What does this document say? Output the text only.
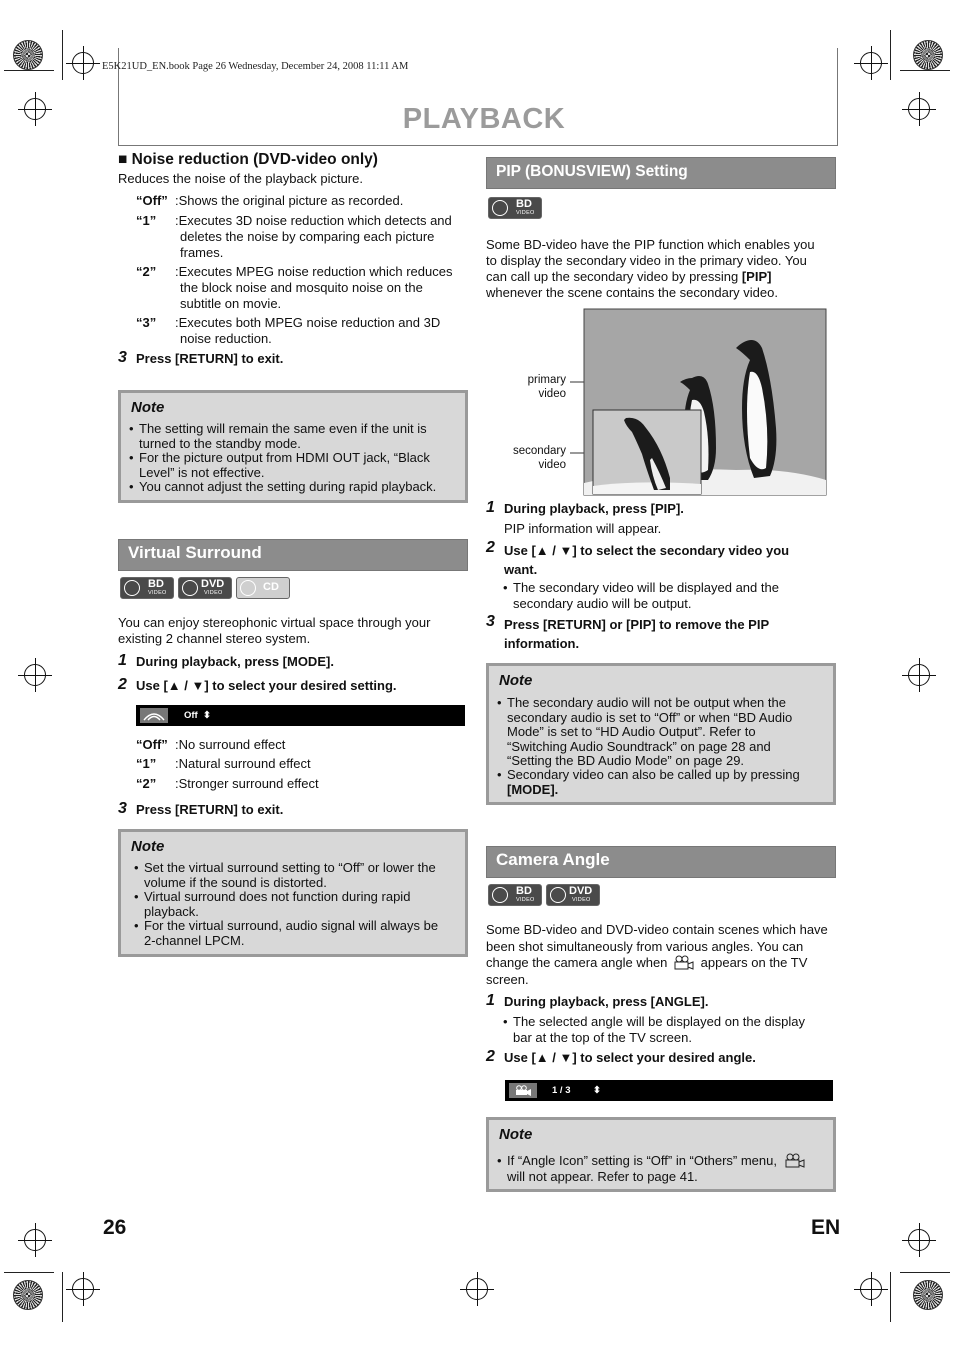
E5K21UD_EN.book Page 26 Wednesday, December 24, 2008 11:11 AM
PLAYBACK
■ Noise reduction (DVD-video only)
Reduces the noise of the playback picture.
“Off” :Shows the original picture as recorded.
“1” :Executes 3D noise reduction which detects and
deletes the noise by comparing each picture
frames.
“2” :Executes MPEG noise reduction which reduces
the block noise and mosquito noise on the
subtitle on movie.
“3” :Executes both MPEG noise reduction and 3D
noise reduction.
3 Press [RETURN] to exit.
Note
• The setting will remain the same even if the unit is
turned to the standby mode.
• For the picture output from HDMI OUT jack, “Black
Level” is not effective.
• You cannot adjust the setting during rapid playback.
Virtual Surround
BD
VIDEO
DVD
VIDEO	CD
You can enjoy stereophonic virtual space through your
existing 2 channel stereo system.
1 During playback, press [MODE].
2 Use [▲ / ▼] to select your desired setting.
Off ⬍
“Off” :No surround effect
“1” :Natural surround effect
“2” :Stronger surround effect
3 Press [RETURN] to exit.
Note
• Set the virtual surround setting to “Off” or lower the
volume if the sound is distorted.
• Virtual surround does not function during rapid
playback.
• For the virtual surround, audio signal will always be
2-channel LPCM.
PIP (BONUSVIEW) Setting
BD
VIDEO
Some BD-video have the PIP function which enables you
to display the secondary video in the primary video. You
can call up the secondary video by pressing [PIP]
whenever the scene contains the secondary video.
primary
video
secondary
video
1 During playback, press [PIP].
PIP information will appear.
2 Use [▲ / ▼] to select the secondary video you
want.
• The secondary video will be displayed and the
secondary audio will be output.
3 Press [RETURN] or [PIP] to remove the PIP
information.
Note
• The secondary audio will not be output when the
secondary audio is set to “Off” or when “BD Audio
Mode” is set to “HD Audio Output”. Refer to
“Switching Audio Soundtrack” on page 28 and
“Setting the BD Audio Mode” on page 29.
• Secondary video can also be called up by pressing
[MODE].
Camera Angle
BD
VIDEO
DVD
VIDEO
Some BD-video and DVD-video contain scenes which have
been shot simultaneously from various angles. You can
change the camera angle when	appears on the TV
screen.
1 During playback, press [ANGLE].
• The selected angle will be displayed on the display
bar at the top of the TV screen.
2 Use [▲ / ▼] to select your desired angle.
1 / 3 ⬍
Note
• If “Angle Icon” setting is “Off” in “Others” menu,
will not appear. Refer to page 41.
26	EN
